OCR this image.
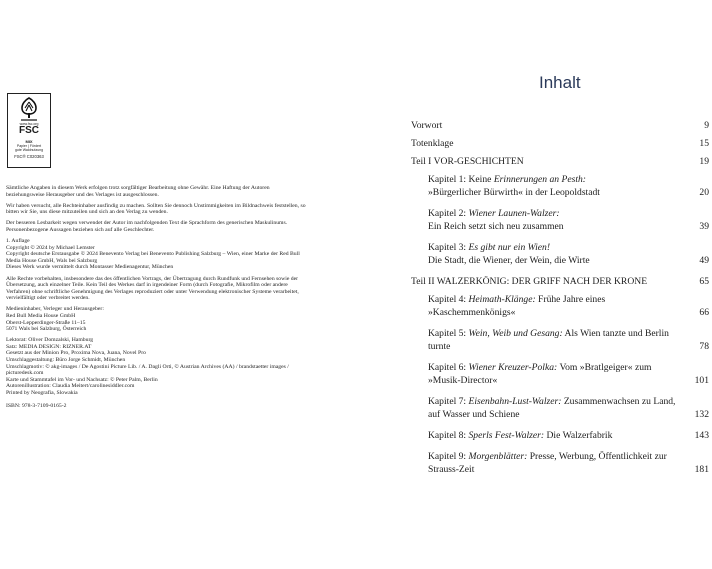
www.fsc.org
FSC
MIX
Papier | Fördert
gute Waldnutzung
FSC® C020363

Sämtliche Angaben in diesem Werk erfolgen trotz sorgfältiger Bearbeitung ohne Gewähr. Eine Haftung der Autoren beziehungsweise Herausgeber und des Verlages ist ausgeschlossen.

Wir haben versucht, alle Rechteinhaber ausfindig zu machen. Sollten Sie dennoch Unstimmigkeiten im Bildnachweis feststellen, so bitten wir Sie, uns diese mitzuteilen und sich an den Verlag zu wenden.

Der besseren Lesbarkeit wegen verwendet der Autor im nachfolgenden Text die Sprachform des generischen Maskulinums. Personenbezogene Aussagen beziehen sich auf alle Geschlechter.

1. Auflage
Copyright © 2024 by Michael Lemster
Copyright deutsche Erstausgabe © 2024 Benevento Verlag bei Benevento Publishing Salzburg – Wien, einer Marke der Red Bull Media House GmbH, Wals bei Salzburg
Dieses Werk wurde vermittelt durch Montasser Medienagentur, München

Alle Rechte vorbehalten, insbesondere das des öffentlichen Vortrags, der Übertragung durch Rundfunk und Fernsehen sowie der Übersetzung, auch einzelner Teile. Kein Teil des Werkes darf in irgendeiner Form (durch Fotografie, Mikrofilm oder andere Verfahren) ohne schriftliche Genehmigung des Verlages reproduziert oder unter Verwendung elektronischer Systeme verarbeitet, vervielfältigt oder verbreitet werden.

Medieninhaber, Verleger und Herausgeber:
Red Bull Media House GmbH
Oberst-Lepperdinger-Straße 11–15
5071 Wals bei Salzburg, Österreich

Lektorat: Oliver Domzalski, Hamburg
Satz: MEDIA DESIGN: RIZNER.AT
Gesetzt aus der Minion Pro, Proxima Nova, Juana, Novel Pro
Umschlaggestaltung: Büro Jorge Schmidt, München
Umschlagmotiv: © akg-images / De Agostini Picture Lib. / A. Dagli Orti, © Austrian Archives (AA) / brandstaetter images / picturedesk.com
Karte und Stammtafel im Vor- und Nachsatz: © Peter Palm, Berlin
Autorenillustration: Claudia Meitert/carolinesiddler.com
Printed by Neografia, Slowakia

ISBN: 978-3-7109-0165-2

Inhalt
Vorwort	9
Totenklage	15
Teil I VOR-GESCHICHTEN	19
Kapitel 1: Keine Erinnerungen an Pesth:
»Bürgerlicher Bürwirth« in der Leopoldstadt	20
Kapitel 2: Wiener Launen-Walzer:
Ein Reich setzt sich neu zusammen	39
Kapitel 3: Es gibt nur ein Wien!
Die Stadt, die Wiener, der Wein, die Wirte	49
Teil II WALZERKÖNIG: DER GRIFF NACH DER KRONE	65
Kapitel 4: Heimath-Klänge: Frühe Jahre eines »Kaschemmenkönigs«	66
Kapitel 5: Wein, Weib und Gesang: Als Wien tanzte und Berlin turnte	78
Kapitel 6: Wiener Kreuzer-Polka: Vom »Bratlgeiger« zum »Musik-Director«	101
Kapitel 7: Eisenbahn-Lust-Walzer: Zusammenwachsen zu Land, auf Wasser und Schiene	132
Kapitel 8: Sperls Fest-Walzer: Die Walzerfabrik	143
Kapitel 9: Morgenblätter: Presse, Werbung, Öffentlichkeit zur Strauss-Zeit	181
